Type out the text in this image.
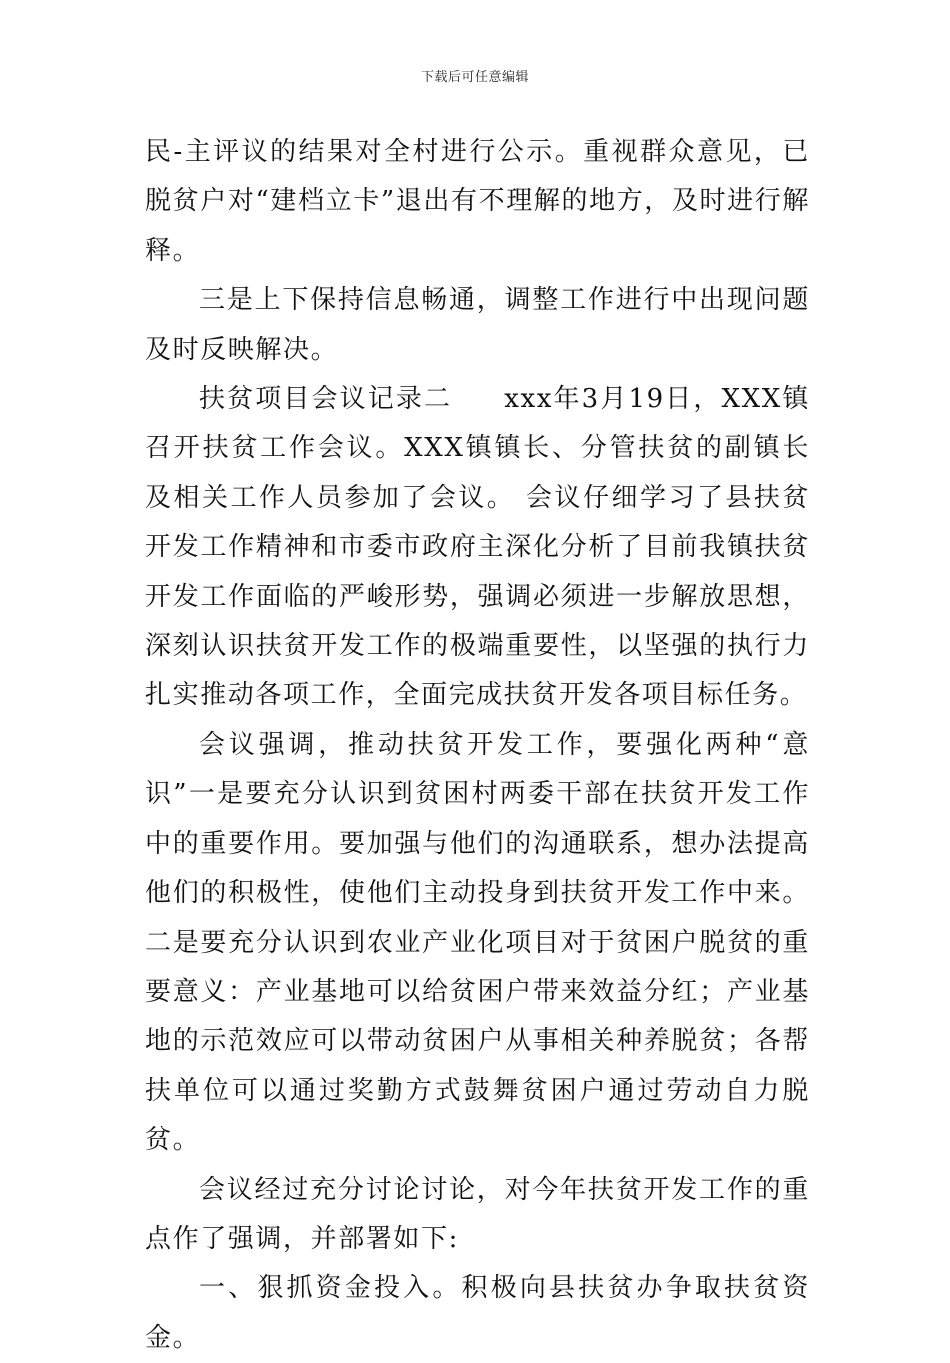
下载后可任意编辑

民-主评议的结果对全村进行公示。重视群众意见，已脱贫户对“建档立卡”退出有不理解的地方，及时进行解释。

三是上下保持信息畅通，调整工作进行中出现问题及时反映解决。

扶贫项目会议记录二 xxx年3月19日，XXX镇召开扶贫工作会议。XXX镇镇长、分管扶贫的副镇长及相关工作人员参加了会议。 会议仔细学习了县扶贫开发工作精神和市委市政府主深化分析了目前我镇扶贫开发工作面临的严峻形势，强调必须进一步解放思想，深刻认识扶贫开发工作的极端重要性，以坚强的执行力扎实推动各项工作，全面完成扶贫开发各项目标任务。

会议强调，推动扶贫开发工作，要强化两种“意识”一是要充分认识到贫困村两委干部在扶贫开发工作中的重要作用。要加强与他们的沟通联系，想办法提高他们的积极性，使他们主动投身到扶贫开发工作中来。二是要充分认识到农业产业化项目对于贫困户脱贫的重要意义：产业基地可以给贫困户带来效益分红；产业基地的示范效应可以带动贫困户从事相关种养脱贫；各帮扶单位可以通过奖勤方式鼓舞贫困户通过劳动自力脱贫。

会议经过充分讨论讨论，对今年扶贫开发工作的重点作了强调，并部署如下:

一、狠抓资金投入。积极向县扶贫办争取扶贫资金。
